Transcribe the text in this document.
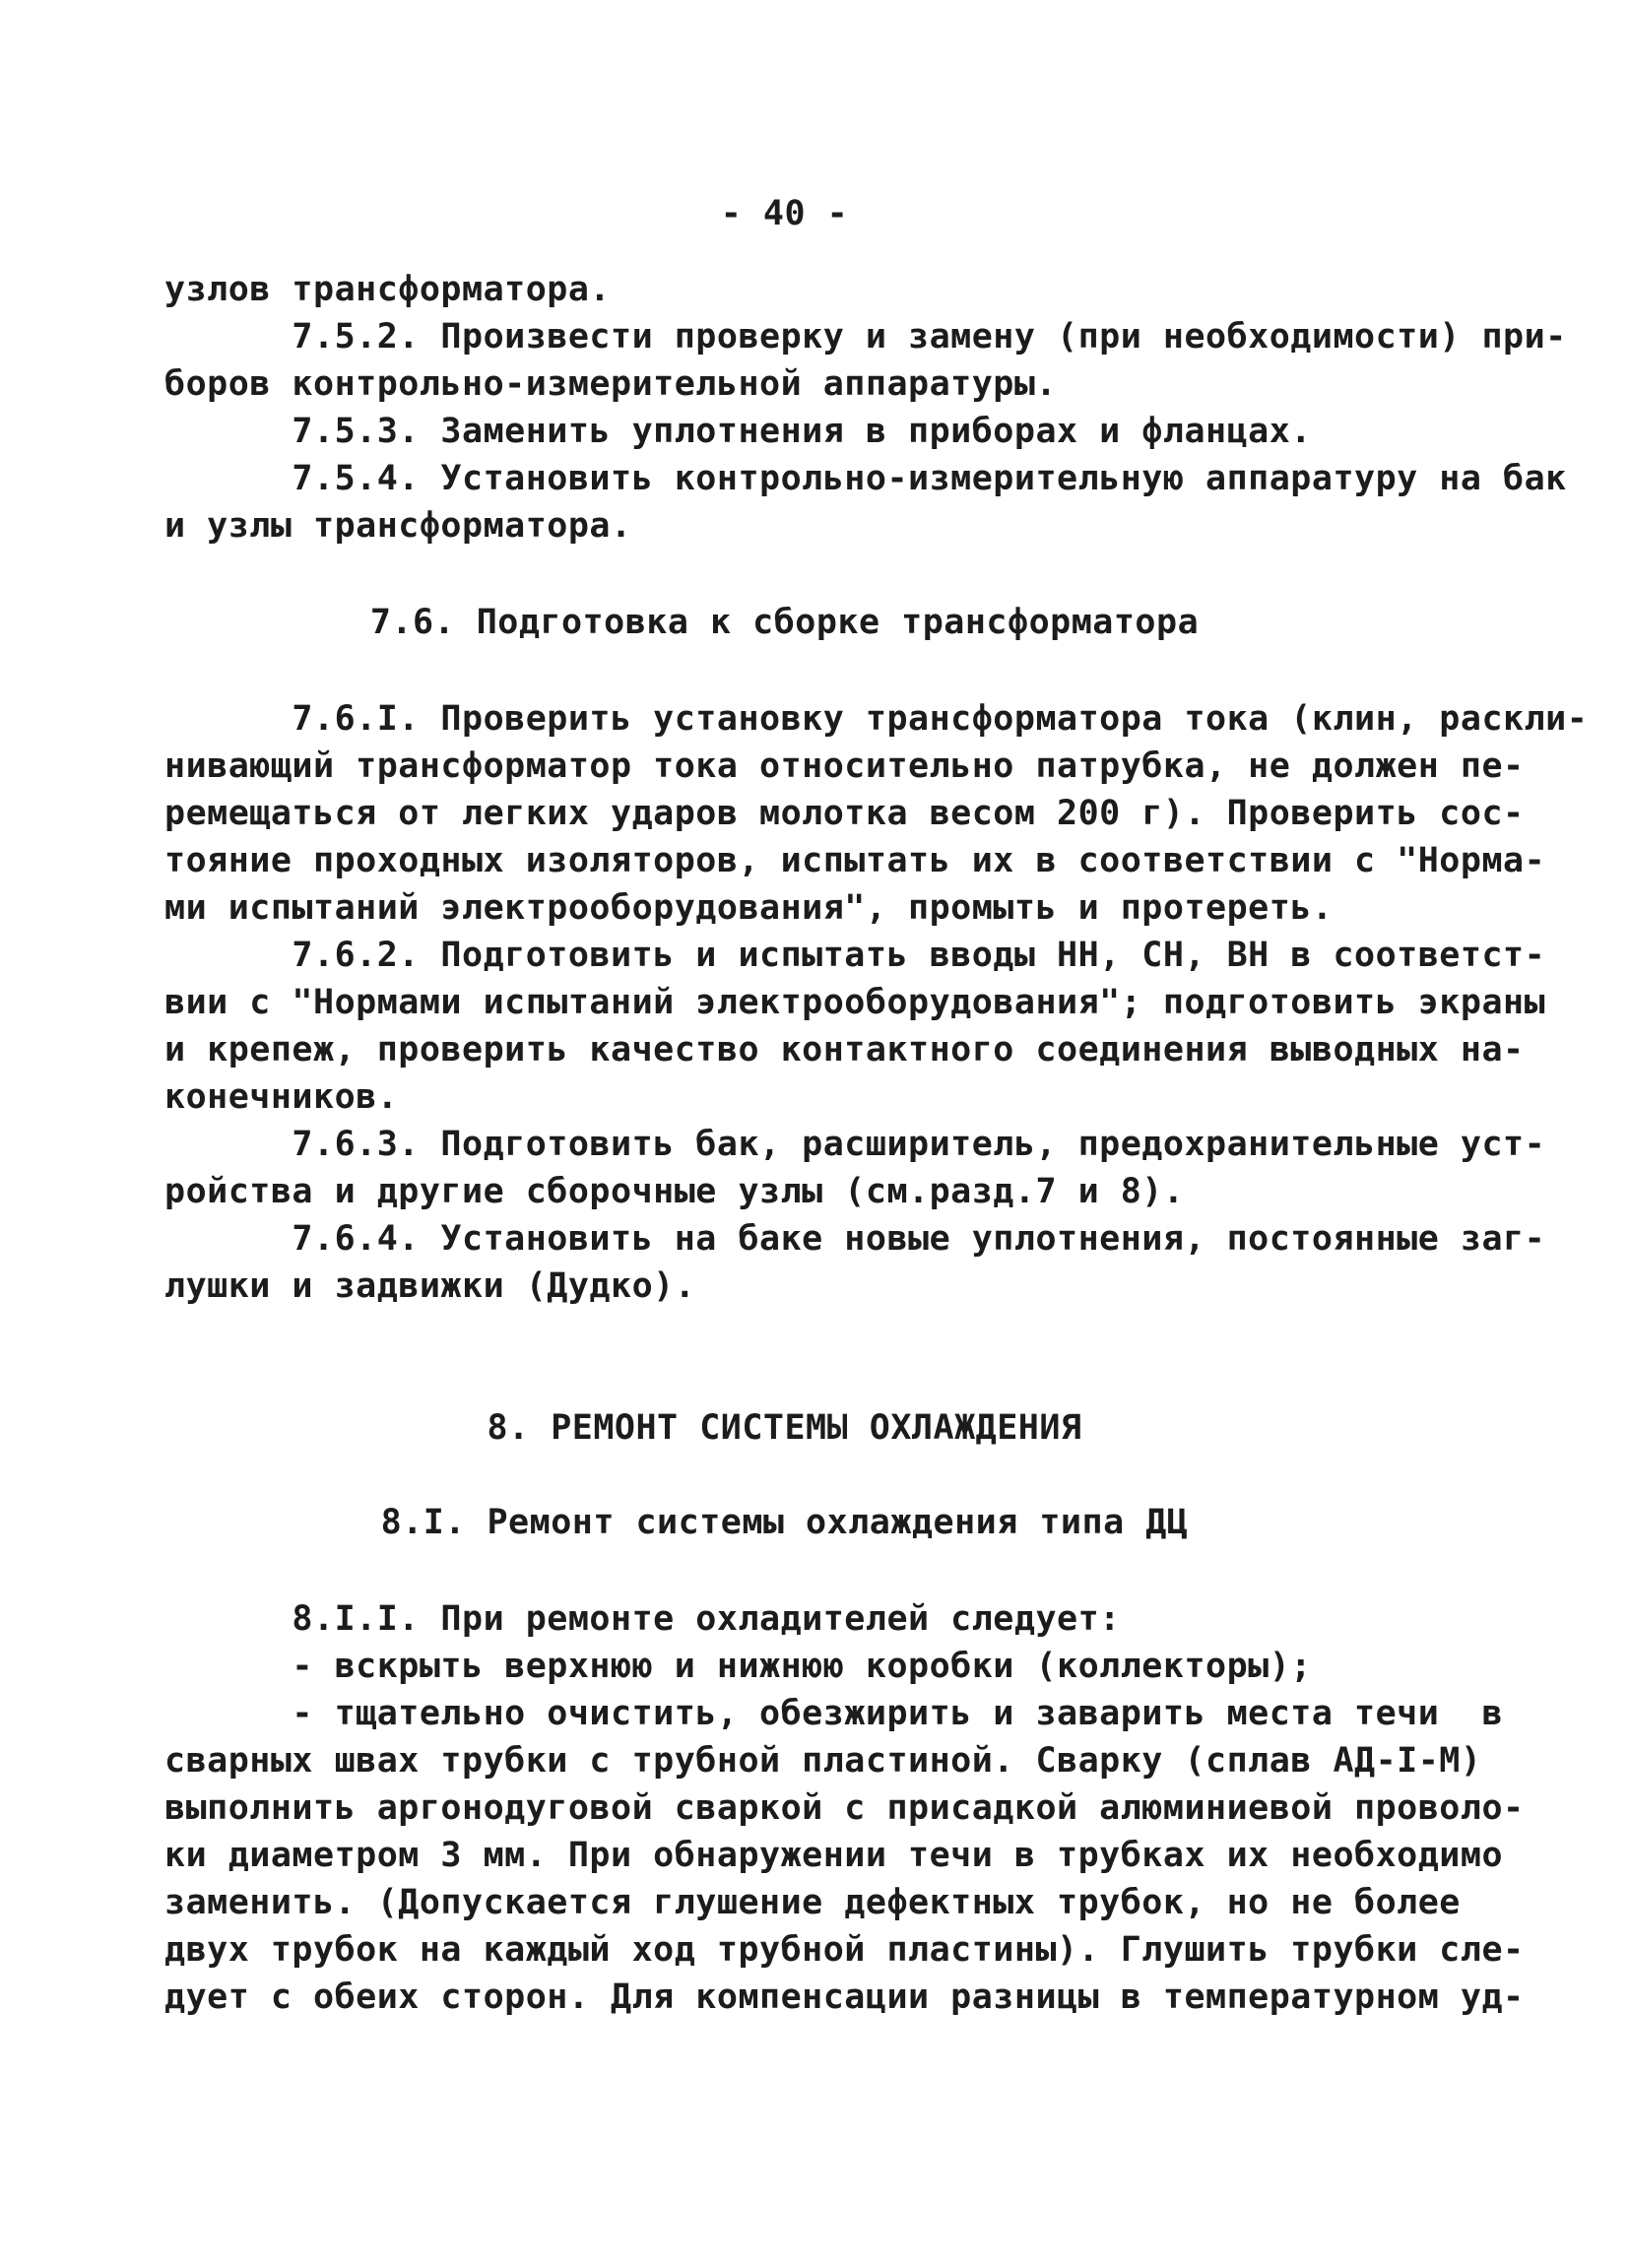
- 40 -
узлов трансформатора.
7.5.2. Произвести проверку и замену (при необходимости) при-
боров контрольно-измерительной аппаратуры.
7.5.3. Заменить уплотнения в приборах и фланцах.
7.5.4. Установить контрольно-измерительную аппаратуру на бак
и узлы трансформатора.
7.6. Подготовка к сборке трансформатора
7.6.I. Проверить установку трансформатора тока (клин, раскли-
нивающий трансформатор тока относительно патрубка, не должен пе-
ремещаться от легких ударов молотка весом 200 г). Проверить сос-
тояние проходных изоляторов, испытать их в соответствии с "Норма-
ми испытаний электрооборудования", промыть и протереть.
7.6.2. Подготовить и испытать вводы НН, СН, ВН в соответст-
вии с "Нормами испытаний электрооборудования"; подготовить экраны
и крепеж, проверить качество контактного соединения выводных на-
конечников.
7.6.3. Подготовить бак, расширитель, предохранительные уст-
ройства и другие сборочные узлы (см.разд.7 и 8).
7.6.4. Установить на баке новые уплотнения, постоянные заг-
лушки и задвижки (Дудко).
8. РЕМОНТ СИСТЕМЫ ОХЛАЖДЕНИЯ
8.I. Ремонт системы охлаждения типа ДЦ
8.I.I. При ремонте охладителей следует:
- вскрыть верхнюю и нижнюю коробки (коллекторы);
- тщательно очистить, обезжирить и заварить места течи  в
сварных швах трубки с трубной пластиной. Сварку (сплав АД-I-М)
выполнить аргонодуговой сваркой с присадкой алюминиевой проволо-
ки диаметром 3 мм. При обнаружении течи в трубках их необходимо
заменить. (Допускается глушение дефектных трубок, но не более
двух трубок на каждый ход трубной пластины). Глушить трубки сле-
дует с обеих сторон. Для компенсации разницы в температурном уд-
